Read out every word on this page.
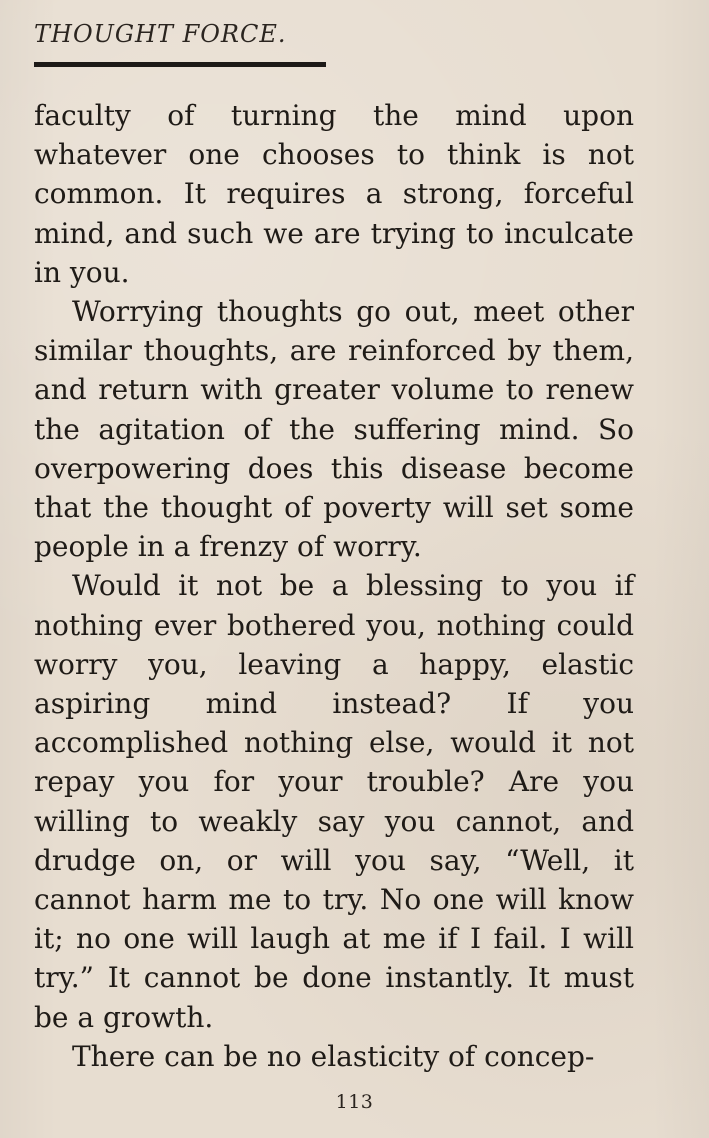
THOUGHT FORCE.

faculty of turning the mind upon whatever one chooses to think is not common. It requires a strong, forceful mind, and such we are trying to inculcate in you.

Worrying thoughts go out, meet other similar thoughts, are reinforced by them, and return with greater volume to renew the agitation of the suffering mind. So overpowering does this disease become that the thought of poverty will set some people in a frenzy of worry.

Would it not be a blessing to you if nothing ever bothered you, nothing could worry you, leaving a happy, elastic aspiring mind instead? If you accomplished nothing else, would it not repay you for your trouble? Are you willing to weakly say you cannot, and drudge on, or will you say, “Well, it cannot harm me to try. No one will know it; no one will laugh at me if I fail. I will try.” It cannot be done instantly. It must be a growth.

There can be no elasticity of concep-

113
